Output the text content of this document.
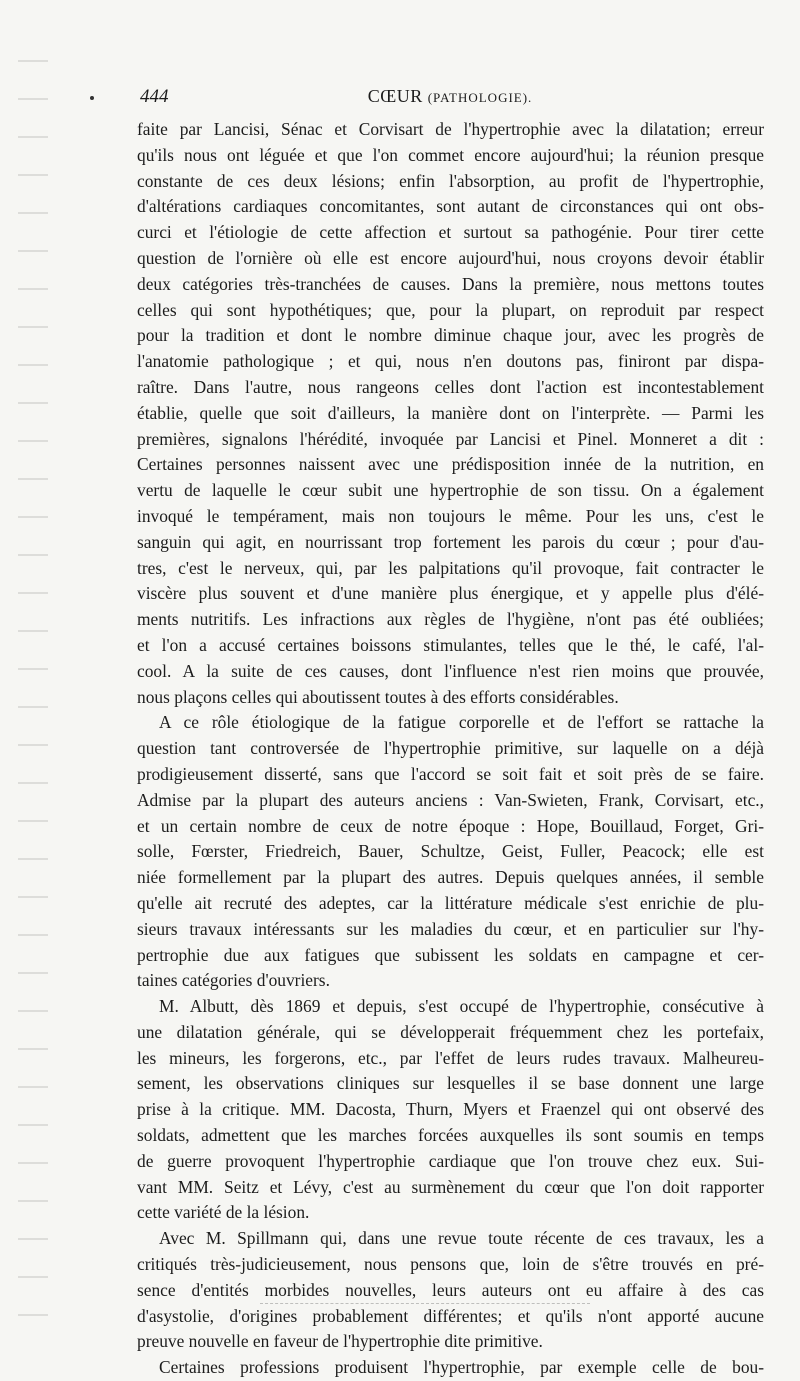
444	CŒUR (PATHOLOGIE).
faite par Lancisi, Sénac et Corvisart de l'hypertrophie avec la dilatation; erreur
qu'ils nous ont léguée et que l'on commet encore aujourd'hui; la réunion presque
constante de ces deux lésions; enfin l'absorption, au profit de l'hypertrophie,
d'altérations cardiaques concomitantes, sont autant de circonstances qui ont obs-
curci et l'étiologie de cette affection et surtout sa pathogénie. Pour tirer cette
question de l'ornière où elle est encore aujourd'hui, nous croyons devoir établir
deux catégories très-tranchées de causes. Dans la première, nous mettons toutes
celles qui sont hypothétiques; que, pour la plupart, on reproduit par respect
pour la tradition et dont le nombre diminue chaque jour, avec les progrès de
l'anatomie pathologique ; et qui, nous n'en doutons pas, finiront par dispa-
raître. Dans l'autre, nous rangeons celles dont l'action est incontestablement
établie, quelle que soit d'ailleurs, la manière dont on l'interprète. — Parmi les
premières, signalons l'hérédité, invoquée par Lancisi et Pinel. Monneret a dit :
Certaines personnes naissent avec une prédisposition innée de la nutrition, en
vertu de laquelle le cœur subit une hypertrophie de son tissu. On a également
invoqué le tempérament, mais non toujours le même. Pour les uns, c'est le
sanguin qui agit, en nourrissant trop fortement les parois du cœur ; pour d'au-
tres, c'est le nerveux, qui, par les palpitations qu'il provoque, fait contracter le
viscère plus souvent et d'une manière plus énergique, et y appelle plus d'élé-
ments nutritifs. Les infractions aux règles de l'hygiène, n'ont pas été oubliées;
et l'on a accusé certaines boissons stimulantes, telles que le thé, le café, l'al-
cool. A la suite de ces causes, dont l'influence n'est rien moins que prouvée,
nous plaçons celles qui aboutissent toutes à des efforts considérables.
A ce rôle étiologique de la fatigue corporelle et de l'effort se rattache la
question tant controversée de l'hypertrophie primitive, sur laquelle on a déjà
prodigieusement disserté, sans que l'accord se soit fait et soit près de se faire.
Admise par la plupart des auteurs anciens : Van-Swieten, Frank, Corvisart, etc.,
et un certain nombre de ceux de notre époque : Hope, Bouillaud, Forget, Gri-
solle, Fœrster, Friedreich, Bauer, Schultze, Geist, Fuller, Peacock; elle est
niée formellement par la plupart des autres. Depuis quelques années, il semble
qu'elle ait recruté des adeptes, car la littérature médicale s'est enrichie de plu-
sieurs travaux intéressants sur les maladies du cœur, et en particulier sur l'hy-
pertrophie due aux fatigues que subissent les soldats en campagne et cer-
taines catégories d'ouvriers.
M. Albutt, dès 1869 et depuis, s'est occupé de l'hypertrophie, consécutive à
une dilatation générale, qui se développerait fréquemment chez les portefaix,
les mineurs, les forgerons, etc., par l'effet de leurs rudes travaux. Malheureu-
sement, les observations cliniques sur lesquelles il se base donnent une large
prise à la critique. MM. Dacosta, Thurn, Myers et Fraenzel qui ont observé des
soldats, admettent que les marches forcées auxquelles ils sont soumis en temps
de guerre provoquent l'hypertrophie cardiaque que l'on trouve chez eux. Sui-
vant MM. Seitz et Lévy, c'est au surmènement du cœur que l'on doit rapporter
cette variété de la lésion.
Avec M. Spillmann qui, dans une revue toute récente de ces travaux, les a
critiqués très-judicieusement, nous pensons que, loin de s'être trouvés en pré-
sence d'entités morbides nouvelles, leurs auteurs ont eu affaire à des cas
d'asystolie, d'origines probablement différentes; et qu'ils n'ont apporté aucune
preuve nouvelle en faveur de l'hypertrophie dite primitive.
Certaines professions produisent l'hypertrophie, par exemple celle de bou-
